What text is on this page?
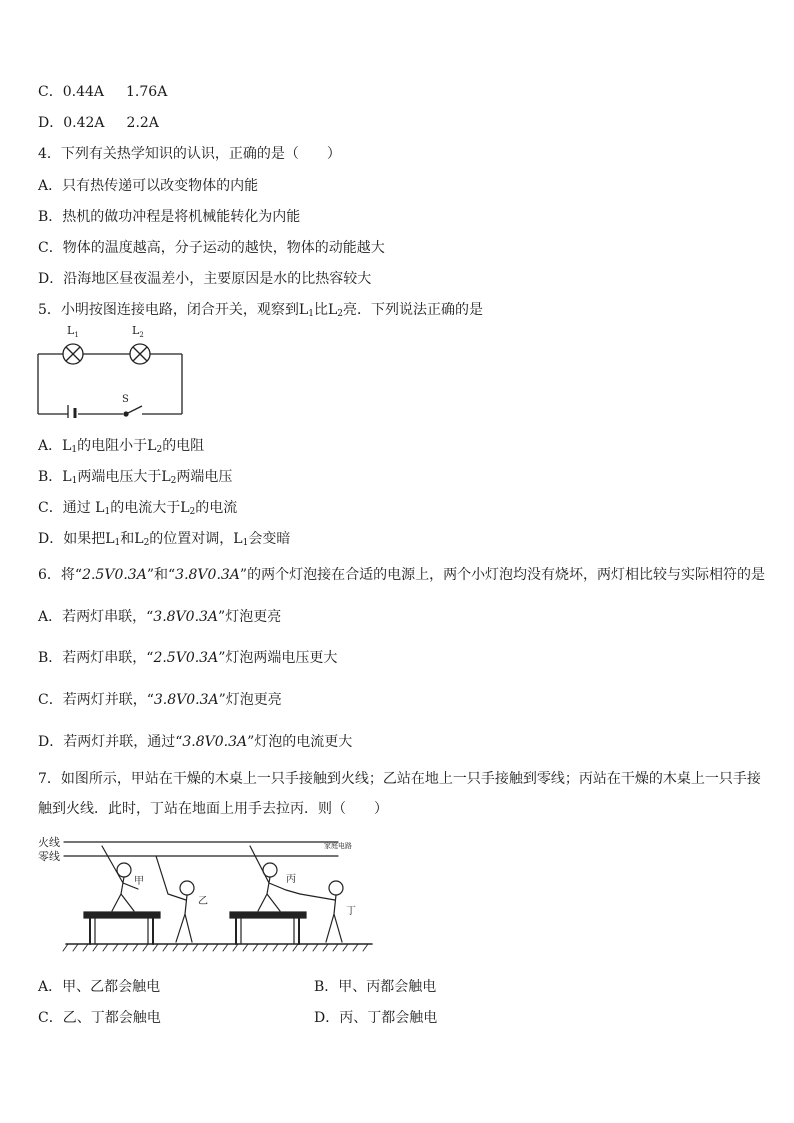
C．0.44A 1.76A
D．0.42A 2.2A
4．下列有关热学知识的认识，正确的是（　　）
A．只有热传递可以改变物体的内能
B．热机的做功冲程是将机械能转化为内能
C．物体的温度越高，分子运动的越快，物体的动能越大
D．沿海地区昼夜温差小，主要原因是水的比热容较大
5．小明按图连接电路，闭合开关，观察到$L_1$比$L_2$亮．下列说法正确的是
$L_1$	$L_2$
S
A．$L_1$的电阻小于$L_2$的电阻
B．$L_1$两端电压大于$L_2$两端电压
C．通过 $L_1$的电流大于$L_2$的电流
D．如果把$L_1$和$L_2$的位置对调，$L_1$会变暗
6．将“2.5V0.3A”和“3.8V0.3A”的两个灯泡接在合适的电源上，两个小灯泡均没有烧坏，两灯相比较与实际相符的是
A．若两灯串联，“3.8V0.3A”灯泡更亮
B．若两灯串联，“2.5V0.3A”灯泡两端电压更大
C．若两灯并联，“3.8V0.3A”灯泡更亮
D．若两灯并联，通过“3.8V0.3A”灯泡的电流更大
7．如图所示，甲站在干燥的木桌上一只手接触到火线；乙站在地上一只手接触到零线；丙站在干燥的木桌上一只手接
触到火线．此时，丁站在地面上用手去拉丙．则（　　）
火线
零线
家庭电路
甲
乙
丙
丁
A．甲、乙都会触电	B．甲、丙都会触电
C．乙、丁都会触电	D．丙、丁都会触电
